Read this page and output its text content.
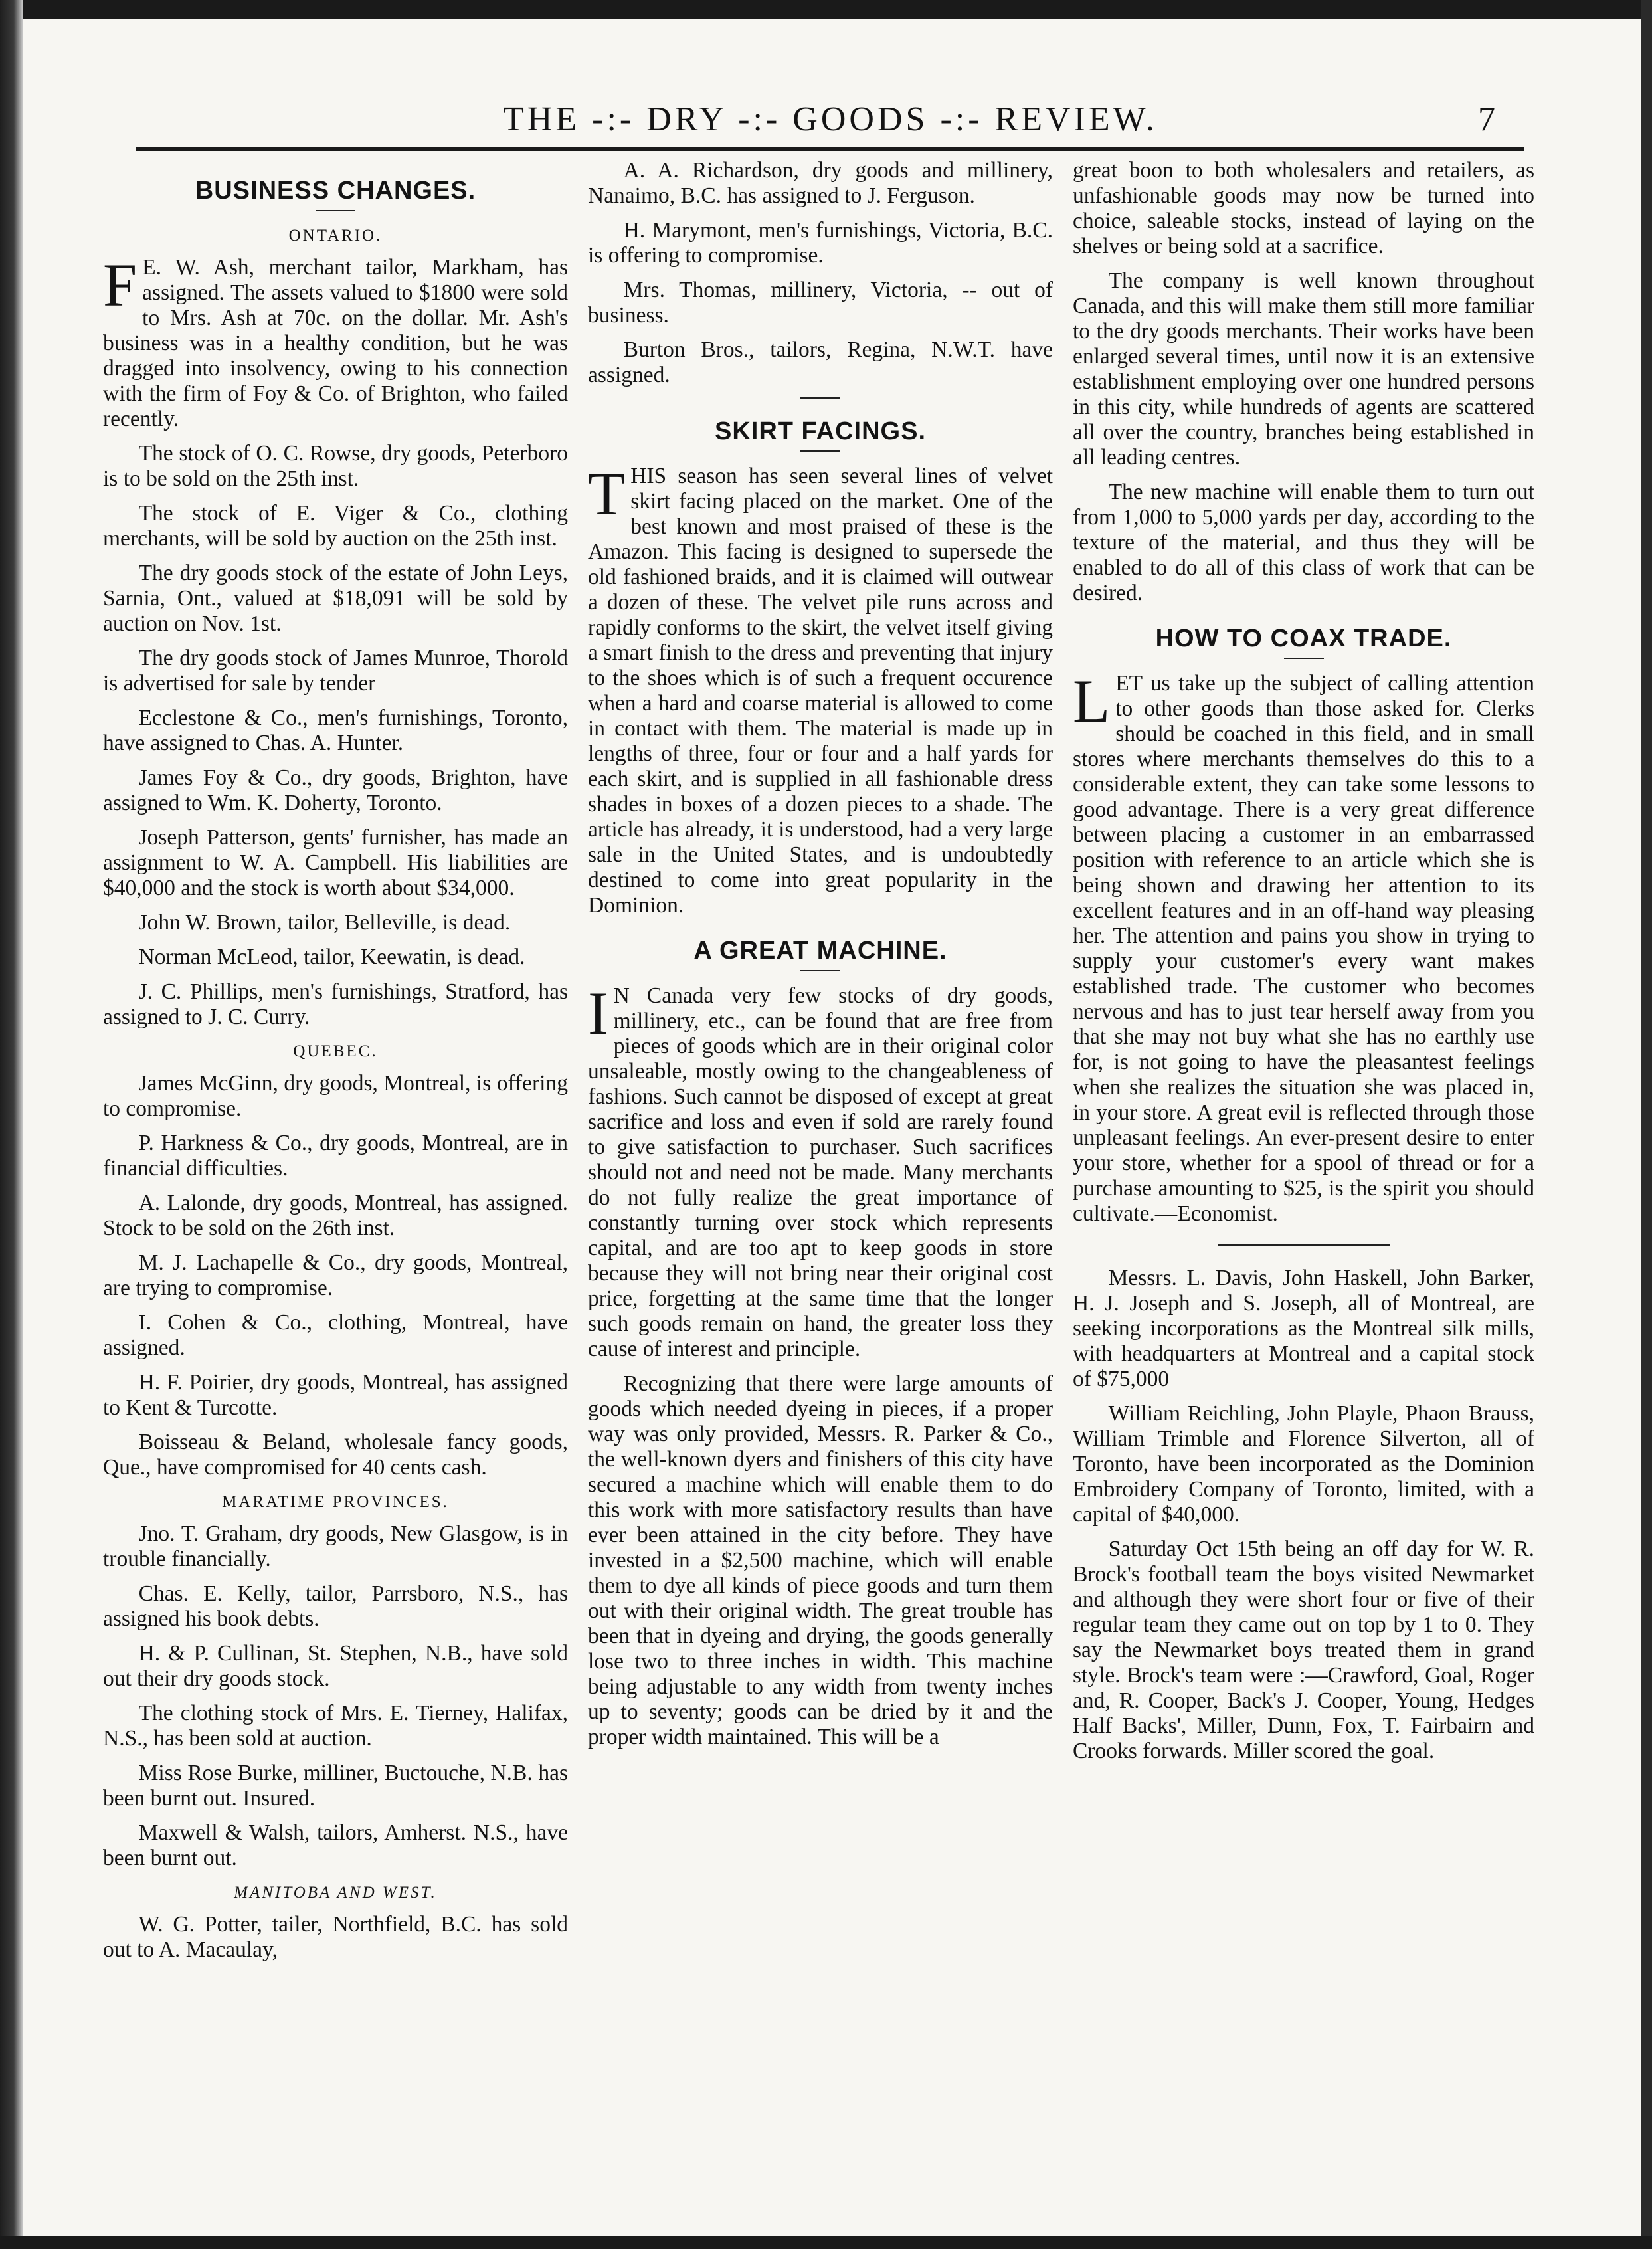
THE -:- DRY -:- GOODS -:- REVIEW.	7
BUSINESS CHANGES.
ONTARIO.

F E. W. Ash, merchant tailor, Markham, has assigned. The assets valued to $1800 were sold to Mrs. Ash at 70c. on the dollar. Mr. Ash's business was in a healthy condition, but he was dragged into insolvency, owing to his connection with the firm of Foy & Co. of Brighton, who failed recently.

The stock of O. C. Rowse, dry goods, Peterboro is to be sold on the 25th inst.

The stock of E. Viger & Co., clothing merchants, will be sold by auction on the 25th inst.

The dry goods stock of the estate of John Leys, Sarnia, Ont., valued at $18,091 will be sold by auction on Nov. 1st.

The dry goods stock of James Munroe, Thorold is advertised for sale by tender

Ecclestone & Co., men's furnishings, Toronto, have assigned to Chas. A. Hunter.

James Foy & Co., dry goods, Brighton, have assigned to Wm. K. Doherty, Toronto.

Joseph Patterson, gents' furnisher, has made an assignment to W. A. Campbell. His liabilities are $40,000 and the stock is worth about $34,000.

John W. Brown, tailor, Belleville, is dead.

Norman McLeod, tailor, Keewatin, is dead.

J. C. Phillips, men's furnishings, Stratford, has assigned to J. C. Curry.

QUEBEC.

James McGinn, dry goods, Montreal, is offering to compromise.

P. Harkness & Co., dry goods, Montreal, are in financial difficulties.

A. Lalonde, dry goods, Montreal, has assigned. Stock to be sold on the 26th inst.

M. J. Lachapelle & Co., dry goods, Montreal, are trying to compromise.

I. Cohen & Co., clothing, Montreal, have assigned.

H. F. Poirier, dry goods, Montreal, has assigned to Kent & Turcotte.

Boisseau & Beland, wholesale fancy goods, Que., have compromised for 40 cents cash.

MARATIME PROVINCES.

Jno. T. Graham, dry goods, New Glasgow, is in trouble financially.

Chas. E. Kelly, tailor, Parrsboro, N.S., has assigned his book debts.

H. & P. Cullinan, St. Stephen, N.B., have sold out their dry goods stock.

The clothing stock of Mrs. E. Tierney, Halifax, N.S., has been sold at auction.

Miss Rose Burke, milliner, Buctouche, N.B. has been burnt out. Insured.

Maxwell & Walsh, tailors, Amherst. N.S., have been burnt out.

MANITOBA AND WEST.

W. G. Potter, tailer, Northfield, B.C. has sold out to A. Macaulay,

A. A. Richardson, dry goods and millinery, Nanaimo, B.C. has assigned to J. Ferguson.

H. Marymont, men's furnishings, Victoria, B.C. is offering to compromise.

Mrs. Thomas, millinery, Victoria, -- out of business.

Burton Bros., tailors, Regina, N.W.T. have assigned.

SKIRT FACINGS.

THIS season has seen several lines of velvet skirt facing placed on the market. One of the best known and most praised of these is the Amazon. This facing is designed to supersede the old fashioned braids, and it is claimed will outwear a dozen of these. The velvet pile runs across and rapidly conforms to the skirt, the velvet itself giving a smart finish to the dress and preventing that injury to the shoes which is of such a frequent occurence when a hard and coarse material is allowed to come in contact with them. The material is made up in lengths of three, four or four and a half yards for each skirt, and is supplied in all fashionable dress shades in boxes of a dozen pieces to a shade. The article has already, it is understood, had a very large sale in the United States, and is undoubtedly destined to come into great popularity in the Dominion.

A GREAT MACHINE.

I N Canada very few stocks of dry goods, millinery, etc., can be found that are free from pieces of goods which are in their original color unsaleable, mostly owing to the changeableness of fashions. Such cannot be disposed of except at great sacrifice and loss and even if sold are rarely found to give satisfaction to purchaser. Such sacrifices should not and need not be made. Many merchants do not fully realize the great importance of constantly turning over stock which represents capital, and are too apt to keep goods in store because they will not bring near their original cost price, forgetting at the same time that the longer such goods remain on hand, the greater loss they cause of interest and principle.

Recognizing that there were large amounts of goods which needed dyeing in pieces, if a proper way was only provided, Messrs. R. Parker & Co., the well-known dyers and finishers of this city have secured a machine which will enable them to do this work with more satisfactory results than have ever been attained in the city before. They have invested in a $2,500 machine, which will enable them to dye all kinds of piece goods and turn them out with their original width. The great trouble has been that in dyeing and drying, the goods generally lose two to three inches in width. This machine being adjustable to any width from twenty inches up to seventy; goods can be dried by it and the proper width maintained. This will be a

great boon to both wholesalers and retailers, as unfashionable goods may now be turned into choice, saleable stocks, instead of laying on the shelves or being sold at a sacrifice.

The company is well known throughout Canada, and this will make them still more familiar to the dry goods merchants. Their works have been enlarged several times, until now it is an extensive establishment employing over one hundred persons in this city, while hundreds of agents are scattered all over the country, branches being established in all leading centres.

The new machine will enable them to turn out from 1,000 to 5,000 yards per day, according to the texture of the material, and thus they will be enabled to do all of this class of work that can be desired.

HOW TO COAX TRADE.

LET us take up the subject of calling attention to other goods than those asked for. Clerks should be coached in this field, and in small stores where merchants themselves do this to a considerable extent, they can take some lessons to good advantage. There is a very great difference between placing a customer in an embarrassed position with reference to an article which she is being shown and drawing her attention to its excellent features and in an off-hand way pleasing her. The attention and pains you show in trying to supply your customer's every want makes established trade. The customer who becomes nervous and has to just tear herself away from you that she may not buy what she has no earthly use for, is not going to have the pleasantest feelings when she realizes the situation she was placed in, in your store. A great evil is reflected through those unpleasant feelings. An ever-present desire to enter your store, whether for a spool of thread or for a purchase amounting to $25, is the spirit you should cultivate.—Economist.

Messrs. L. Davis, John Haskell, John Barker, H. J. Joseph and S. Joseph, all of Montreal, are seeking incorporations as the Montreal silk mills, with headquarters at Montreal and a capital stock of $75,000

William Reichling, John Playle, Phaon Brauss, William Trimble and Florence Silverton, all of Toronto, have been incorporated as the Dominion Embroidery Company of Toronto, limited, with a capital of $40,000.

Saturday Oct 15th being an off day for W. R. Brock's football team the boys visited Newmarket and although they were short four or five of their regular team they came out on top by 1 to 0. They say the Newmarket boys treated them in grand style. Brock's team were :—Crawford, Goal, Roger and, R. Cooper, Back's J. Cooper, Young, Hedges Half Backs', Miller, Dunn, Fox, T. Fairbairn and Crooks forwards. Miller scored the goal.
